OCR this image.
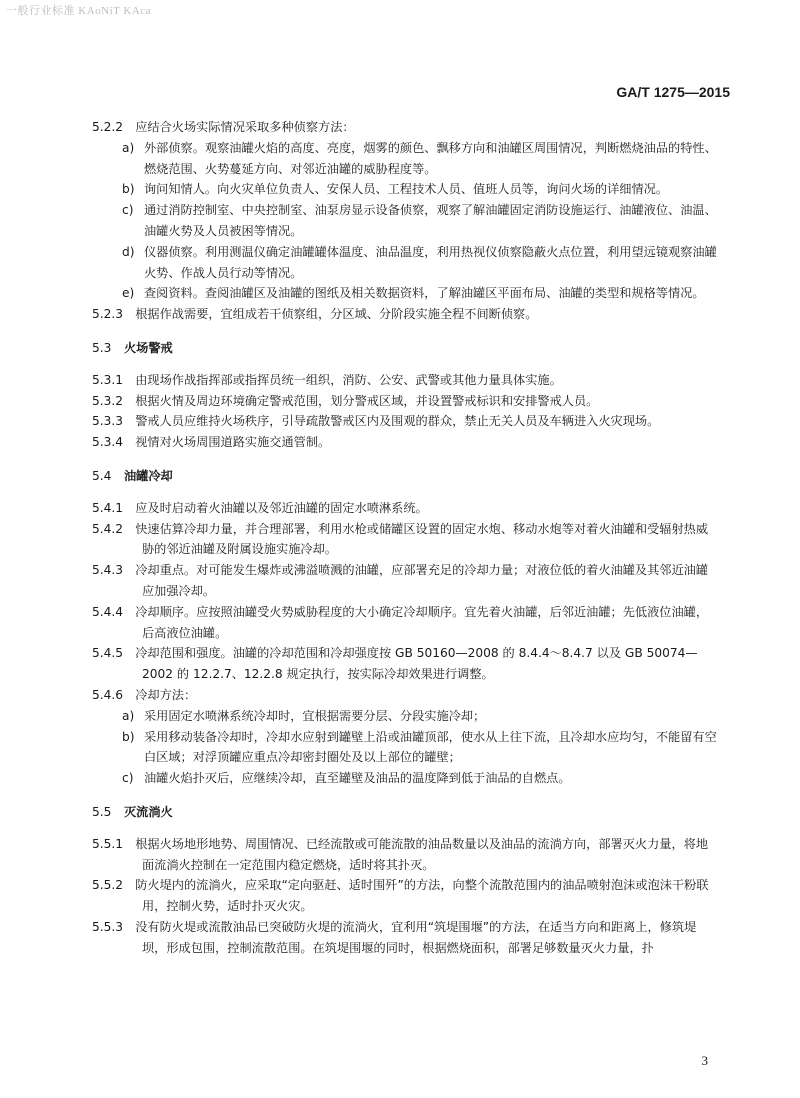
一般行业标准 KAoNiT KAca
GA/T 1275—2015

5.2.2　应结合火场实际情况采取多种侦察方法：

a) 外部侦察。观察油罐火焰的高度、亮度，烟雾的颜色、飘移方向和油罐区周围情况，判断燃烧油品的特性、燃烧范围、火势蔓延方向、对邻近油罐的威胁程度等。

b) 询问知情人。向火灾单位负责人、安保人员、工程技术人员、值班人员等，询问火场的详细情况。

c) 通过消防控制室、中央控制室、油泵房显示设备侦察，观察了解油罐固定消防设施运行、油罐液位、油温、油罐火势及人员被困等情况。

d) 仪器侦察。利用测温仪确定油罐罐体温度、油品温度，利用热视仪侦察隐蔽火点位置，利用望远镜观察油罐火势、作战人员行动等情况。

e) 查阅资料。查阅油罐区及油罐的图纸及相关数据资料，了解油罐区平面布局、油罐的类型和规格等情况。

5.2.3　根据作战需要，宜组成若干侦察组，分区域、分阶段实施全程不间断侦察。

5.3 火场警戒

5.3.1　由现场作战指挥部或指挥员统一组织，消防、公安、武警或其他力量具体实施。

5.3.2　根据火情及周边环境确定警戒范围，划分警戒区域，并设置警戒标识和安排警戒人员。

5.3.3　警戒人员应维持火场秩序，引导疏散警戒区内及围观的群众，禁止无关人员及车辆进入火灾现场。

5.3.4　视情对火场周围道路实施交通管制。

5.4 油罐冷却

5.4.1　应及时启动着火油罐以及邻近油罐的固定水喷淋系统。

5.4.2　快速估算冷却力量，并合理部署，利用水枪或储罐区设置的固定水炮、移动水炮等对着火油罐和受辐射热威胁的邻近油罐及附属设施实施冷却。

5.4.3　冷却重点。对可能发生爆炸或沸溢喷溅的油罐，应部署充足的冷却力量；对液位低的着火油罐及其邻近油罐应加强冷却。

5.4.4　冷却顺序。应按照油罐受火势威胁程度的大小确定冷却顺序。宜先着火油罐，后邻近油罐；先低液位油罐，后高液位油罐。

5.4.5　冷却范围和强度。油罐的冷却范围和冷却强度按 GB 50160—2008 的 8.4.4～8.4.7 以及 GB 50074—2002 的 12.2.7、12.2.8 规定执行，按实际冷却效果进行调整。

5.4.6　冷却方法：

a) 采用固定水喷淋系统冷却时，宜根据需要分层、分段实施冷却；

b) 采用移动装备冷却时，冷却水应射到罐壁上沿或油罐顶部，使水从上往下流，且冷却水应均匀，不能留有空白区域；对浮顶罐应重点冷却密封圈处及以上部位的罐壁；

c) 油罐火焰扑灭后，应继续冷却，直至罐壁及油品的温度降到低于油品的自燃点。

5.5 灭流淌火

5.5.1　根据火场地形地势、周围情况、已经流散或可能流散的油品数量以及油品的流淌方向，部署灭火力量，将地面流淌火控制在一定范围内稳定燃烧，适时将其扑灭。

5.5.2　防火堤内的流淌火，应采取“定向驱赶、适时围歼”的方法，向整个流散范围内的油品喷射泡沫或泡沫干粉联用，控制火势，适时扑灭火灾。

5.5.3　没有防火堤或流散油品已突破防火堤的流淌火，宜利用“筑堤围堰”的方法，在适当方向和距离上，修筑堤坝，形成包围，控制流散范围。在筑堤围堰的同时，根据燃烧面积，部署足够数量灭火力量，扑

3
